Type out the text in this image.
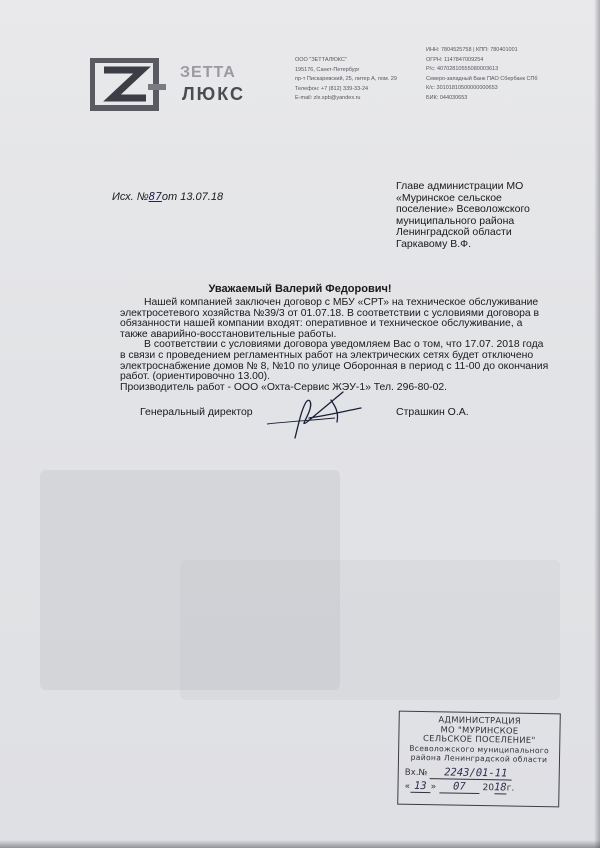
ЗЕТТА
ЛЮКС
ООО "ЗЕТТАЛЮКС"
195176, Санкт-Петербург
пр-т Пискаревский, 25, литер А, пом. 29
Телефон: +7 (812) 339-33-24
E-mail: zlx.spb@yandex.ru
ИНН: 7804525758 | КПП: 780401001
ОГРН: 1147847009254
Р/с: 40702810555080003613
Северо-западный Банк ПАО Сбербанк СПб
К/с: 30101810500000000653
БИК: 044030653
Исх. №87от 13.07.18
Главе администрации МО
«Муринское сельское
поселение» Всеволожского
муниципального района
Ленинградской области
Гаркавому В.Ф.
Уважаемый Валерий Федорович!

Нашей компанией заключен договор с МБУ «СРТ» на техническое обслуживание электросетевого хозяйства №39/3 от 01.07.18. В соответствии с условиями договора в обязанности нашей компании входят: оперативное и техническое обслуживание, а также аварийно-восстановительные работы.

В соответствии с условиями договора уведомляем Вас о том, что 17.07. 2018 года в связи с проведением регламентных работ на электрических сетях будет отключено электроснабжение домов № 8, №10 по улице Оборонная в период с 11-00 до окончания работ. (ориентировочно 13.00).

Производитель работ - ООО «Охта-Сервис ЖЭУ-1» Тел. 296-80-02.

Генеральный директор	Страшкин О.А.
АДМИНИСТРАЦИЯ
МО "МУРИНСКОЕ
СЕЛЬСКОЕ ПОСЕЛЕНИЕ"
Всеволожского муниципального
района Ленинградской области
Вх.№ 2243/01-11
« 13 » 07 2018г.
